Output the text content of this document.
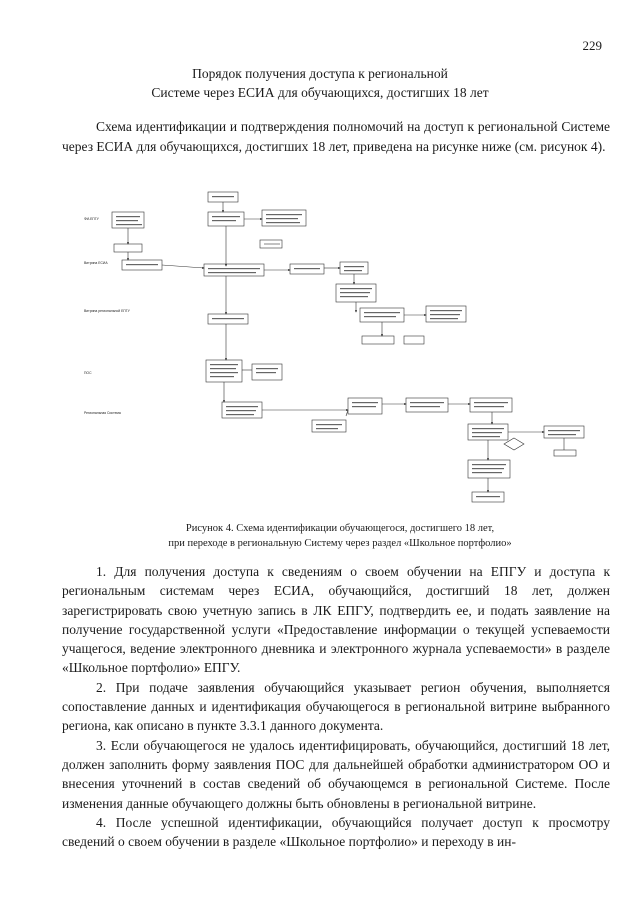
229
Порядок получения доступа к региональной
Системе через ЕСИА для обучающихся, достигших 18 лет
Схема идентификации и подтверждения полномочий на доступ к региональной Системе через ЕСИА для обучающихся, достигших 18 лет, приведена на рисунке ниже (см. рисунок 4).
ФИ-ЕПГУ
Витрина ЕСИА
Витрина региональной ЕПГУ
ПОС
Региональная Система
Рисунок 4. Схема идентификации обучающегося, достигшего 18 лет,
при переходе в региональную Систему через раздел «Школьное портфолио»

1. Для получения доступа к сведениям о своем обучении на ЕПГУ и доступа к региональным системам через ЕСИА, обучающийся, достигший 18 лет, должен зарегистрировать свою учетную запись в ЛК ЕПГУ, подтвердить ее, и подать заявление на получение государственной услуги «Предоставление информации о текущей успеваемости учащегося, ведение электронного дневника и электронного журнала успеваемости» в разделе «Школьное портфолио» ЕПГУ.

2. При подаче заявления обучающийся указывает регион обучения, выполняется сопоставление данных и идентификация обучающегося в региональной витрине выбранного региона, как описано в пункте 3.3.1 данного документа.

3. Если обучающегося не удалось идентифицировать, обучающийся, достигший 18 лет, должен заполнить форму заявления ПОС для дальнейшей обработки администратором ОО и внесения уточнений в состав сведений об обучающемся в региональной Системе. После изменения данные обучающего должны быть обновлены в региональной витрине.

4. После успешной идентификации, обучающийся получает доступ к просмотру сведений о своем обучении в разделе «Школьное портфолио» и переходу в ин-
